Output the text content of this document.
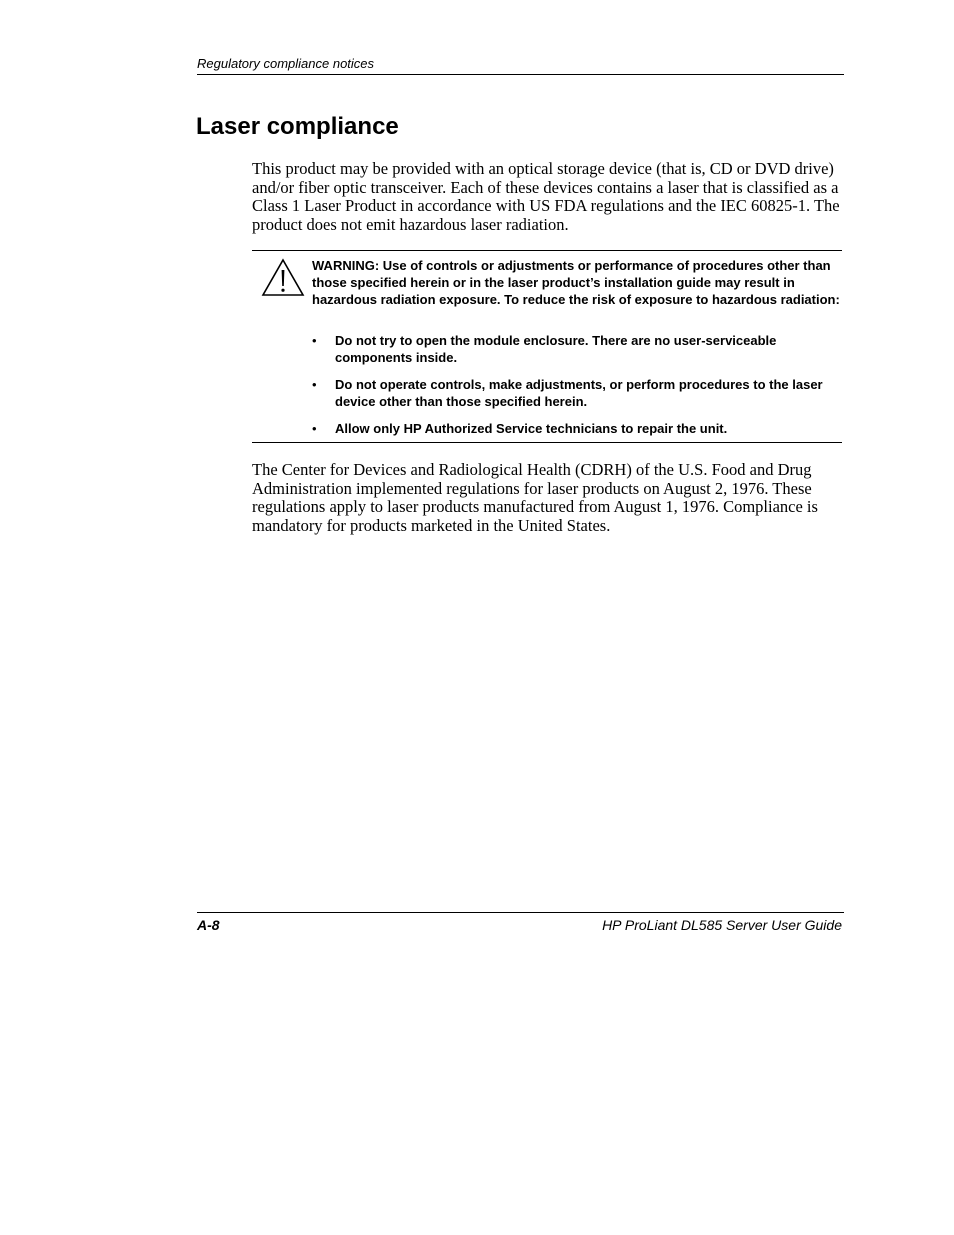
Regulatory compliance notices
Laser compliance

This product may be provided with an optical storage device (that is, CD or DVD drive) and/or fiber optic transceiver. Each of these devices contains a laser that is classified as a Class 1 Laser Product in accordance with US FDA regulations and the IEC 60825-1. The product does not emit hazardous laser radiation.

WARNING: Use of controls or adjustments or performance of procedures other than those specified herein or in the laser product’s installation guide may result in hazardous radiation exposure. To reduce the risk of exposure to hazardous radiation:

• Do not try to open the module enclosure. There are no user-serviceable components inside.
• Do not operate controls, make adjustments, or perform procedures to the laser device other than those specified herein.
• Allow only HP Authorized Service technicians to repair the unit.

The Center for Devices and Radiological Health (CDRH) of the U.S. Food and Drug Administration implemented regulations for laser products on August 2, 1976. These regulations apply to laser products manufactured from August 1, 1976. Compliance is mandatory for products marketed in the United States.

A-8	HP ProLiant DL585 Server User Guide
